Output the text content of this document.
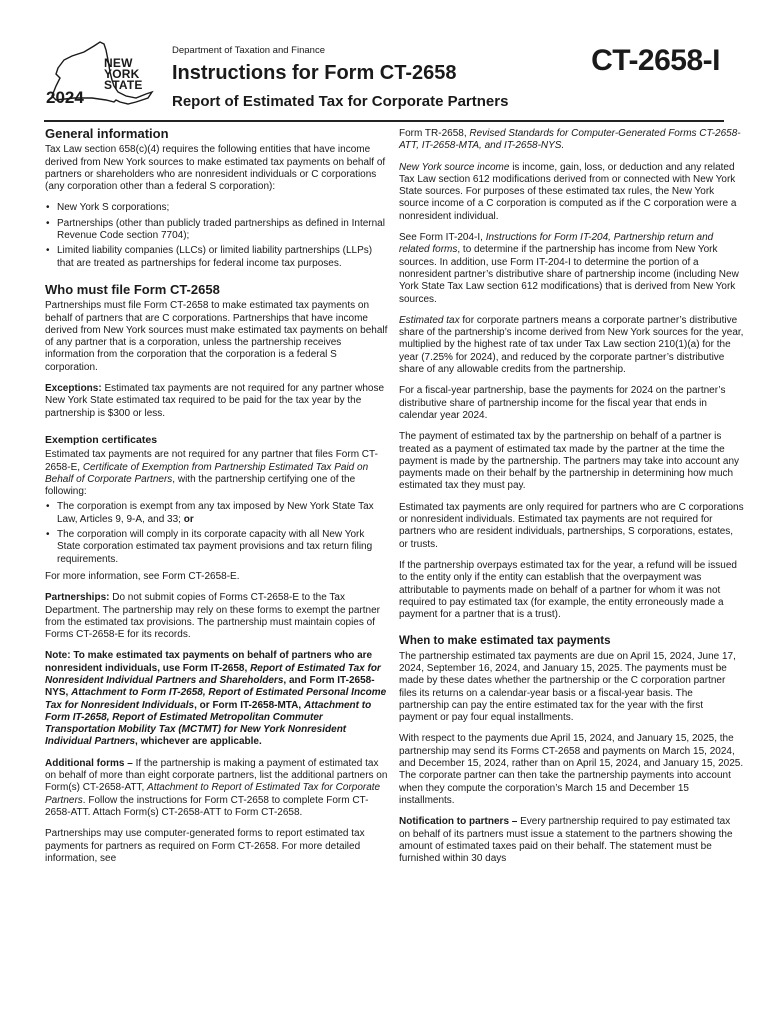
NEW
YORK
STATE
2024
Department of Taxation and Finance
Instructions for Form CT-2658
Report of Estimated Tax for Corporate Partners
CT-2658-I
General information

Tax Law section 658(c)(4) requires the following entities that have income derived from New York sources to make estimated tax payments on behalf of partners or shareholders who are nonresident individuals or C corporations (any corporation other than a federal S corporation):

• New York S corporations;
• Partnerships (other than publicly traded partnerships as defined in Internal Revenue Code section 7704);
• Limited liability companies (LLCs) or limited liability partnerships (LLPs) that are treated as partnerships for federal income tax purposes.
Who must file Form CT-2658

Partnerships must file Form CT-2658 to make estimated tax payments on behalf of partners that are C corporations. Partnerships that have income derived from New York sources must make estimated tax payments on behalf of any partner that is a corporation, unless the partnership receives information from the corporation that the corporation is a federal S corporation.

Exceptions: Estimated tax payments are not required for any partner whose New York State estimated tax required to be paid for the tax year by the partnership is $300 or less.

Exemption certificates

Estimated tax payments are not required for any partner that files Form CT-2658-E, Certificate of Exemption from Partnership Estimated Tax Paid on Behalf of Corporate Partners, with the partnership certifying one of the following:

• The corporation is exempt from any tax imposed by New York State Tax Law, Articles 9, 9-A, and 33; or
• The corporation will comply in its corporate capacity with all New York State corporation estimated tax payment provisions and tax return filing requirements.

For more information, see Form CT-2658-E.

Partnerships: Do not submit copies of Forms CT-2658-E to the Tax Department. The partnership may rely on these forms to exempt the partner from the estimated tax provisions. The partnership must maintain copies of Forms CT-2658-E for its records.

Note: To make estimated tax payments on behalf of partners who are nonresident individuals, use Form IT-2658, Report of Estimated Tax for Nonresident Individual Partners and Shareholders, and Form IT-2658-NYS, Attachment to Form IT-2658, Report of Estimated Personal Income Tax for Nonresident Individuals, or Form IT-2658-MTA, Attachment to Form IT-2658, Report of Estimated Metropolitan Commuter Transportation Mobility Tax (MCTMT) for New York Nonresident Individual Partners, whichever are applicable.

Additional forms – If the partnership is making a payment of estimated tax on behalf of more than eight corporate partners, list the additional partners on Form(s) CT-2658-ATT, Attachment to Report of Estimated Tax for Corporate Partners. Follow the instructions for Form CT-2658 to complete Form CT-2658-ATT. Attach Form(s) CT-2658-ATT to Form CT-2658.

Partnerships may use computer-generated forms to report estimated tax payments for partners as required on Form CT-2658. For more detailed information, see

Form TR-2658, Revised Standards for Computer-Generated Forms CT-2658-ATT, IT-2658-MTA, and IT-2658-NYS.

New York source income is income, gain, loss, or deduction and any related Tax Law section 612 modifications derived from or connected with New York State sources. For purposes of these estimated tax rules, the New York source income of a C corporation is computed as if the C corporation were a nonresident individual.

See Form IT-204-I, Instructions for Form IT-204, Partnership return and related forms, to determine if the partnership has income from New York sources. In addition, use Form IT-204-I to determine the portion of a nonresident partner’s distributive share of partnership income (including New York State Tax Law section 612 modifications) that is derived from New York sources.

Estimated tax for corporate partners means a corporate partner’s distributive share of the partnership’s income derived from New York sources for the year, multiplied by the highest rate of tax under Tax Law section 210(1)(a) for the year (7.25% for 2024), and reduced by the corporate partner’s distributive share of any allowable credits from the partnership.

For a fiscal-year partnership, base the payments for 2024 on the partner’s distributive share of partnership income for the fiscal year that ends in calendar year 2024.

The payment of estimated tax by the partnership on behalf of a partner is treated as a payment of estimated tax made by the partner at the time the payment is made by the partnership. The partners may take into account any payments made on their behalf by the partnership in determining how much estimated tax they must pay.

Estimated tax payments are only required for partners who are C corporations or nonresident individuals. Estimated tax payments are not required for partners who are resident individuals, partnerships, S corporations, estates, or trusts.

If the partnership overpays estimated tax for the year, a refund will be issued to the entity only if the entity can establish that the overpayment was attributable to payments made on behalf of a partner for whom it was not required to pay estimated tax (for example, the entity erroneously made a payment for a partner that is a trust).

When to make estimated tax payments

The partnership estimated tax payments are due on April 15, 2024, June 17, 2024, September 16, 2024, and January 15, 2025. The payments must be made by these dates whether the partnership or the C corporation partner files its returns on a calendar-year basis or a fiscal-year basis. The partnership can pay the entire estimated tax for the year with the first payment or pay four equal installments.

With respect to the payments due April 15, 2024, and January 15, 2025, the partnership may send its Forms CT-2658 and payments on March 15, 2024, and December 15, 2024, rather than on April 15, 2024, and January 15, 2025. The corporate partner can then take the partnership payments into account when they compute the corporation’s March 15 and December 15 installments.

Notification to partners – Every partnership required to pay estimated tax on behalf of its partners must issue a statement to the partners showing the amount of estimated taxes paid on their behalf. The statement must be furnished within 30 days
